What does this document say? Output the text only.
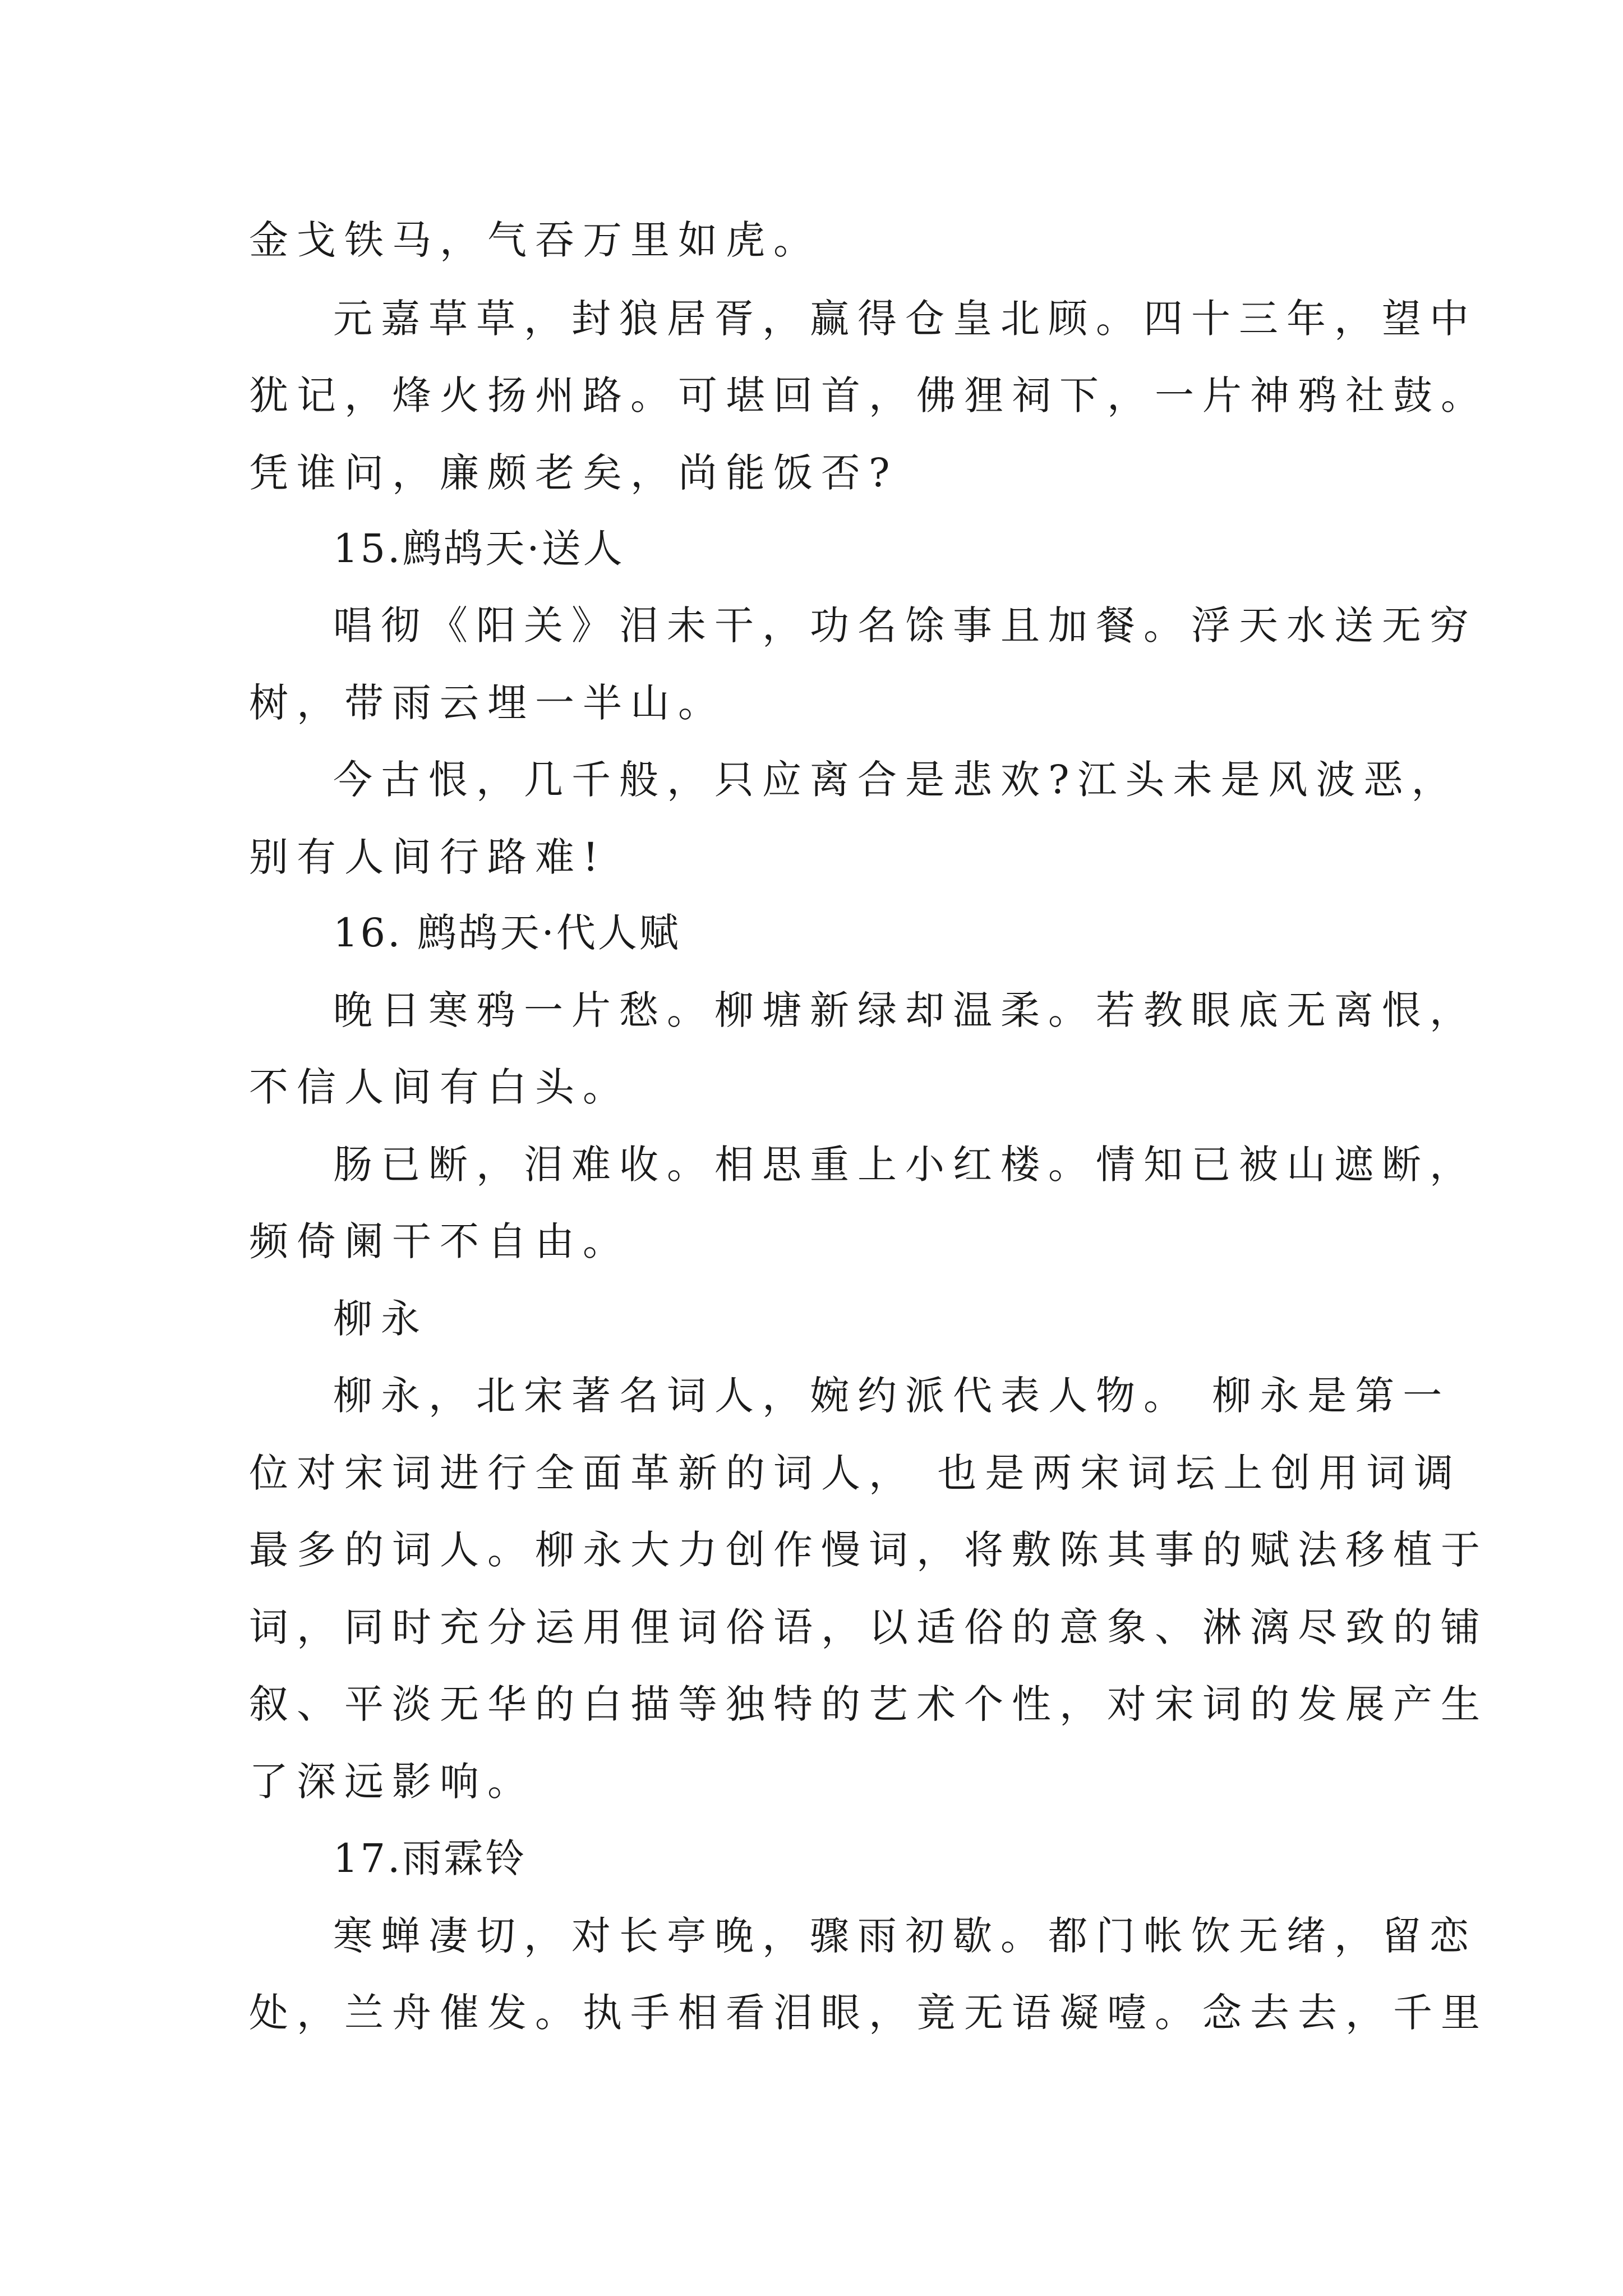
金戈铁马，气吞万里如虎。
元嘉草草，封狼居胥，赢得仓皇北顾。四十三年，望中
犹记，烽火扬州路。可堪回首，佛狸祠下，一片神鸦社鼓。
凭谁问，廉颇老矣，尚能饭否?
15.鹧鸪天·送人
唱彻《阳关》泪未干，功名馀事且加餐。浮天水送无穷
树，带雨云埋一半山。
今古恨，几千般，只应离合是悲欢?江头未是风波恶，
别有人间行路难!
16. 鹧鸪天·代人赋
晚日寒鸦一片愁。柳塘新绿却温柔。若教眼底无离恨，
不信人间有白头。
肠已断，泪难收。相思重上小红楼。情知已被山遮断，
频倚阑干不自由。
柳永
柳永，北宋著名词人，婉约派代表人物。 柳永是第一
位对宋词进行全面革新的词人， 也是两宋词坛上创用词调
最多的词人。柳永大力创作慢词，将敷陈其事的赋法移植于
词，同时充分运用俚词俗语，以适俗的意象、淋漓尽致的铺
叙、平淡无华的白描等独特的艺术个性，对宋词的发展产生
了深远影响。
17.雨霖铃
寒蝉凄切，对长亭晚，骤雨初歇。都门帐饮无绪，留恋
处，兰舟催发。执手相看泪眼，竟无语凝噎。念去去，千里
